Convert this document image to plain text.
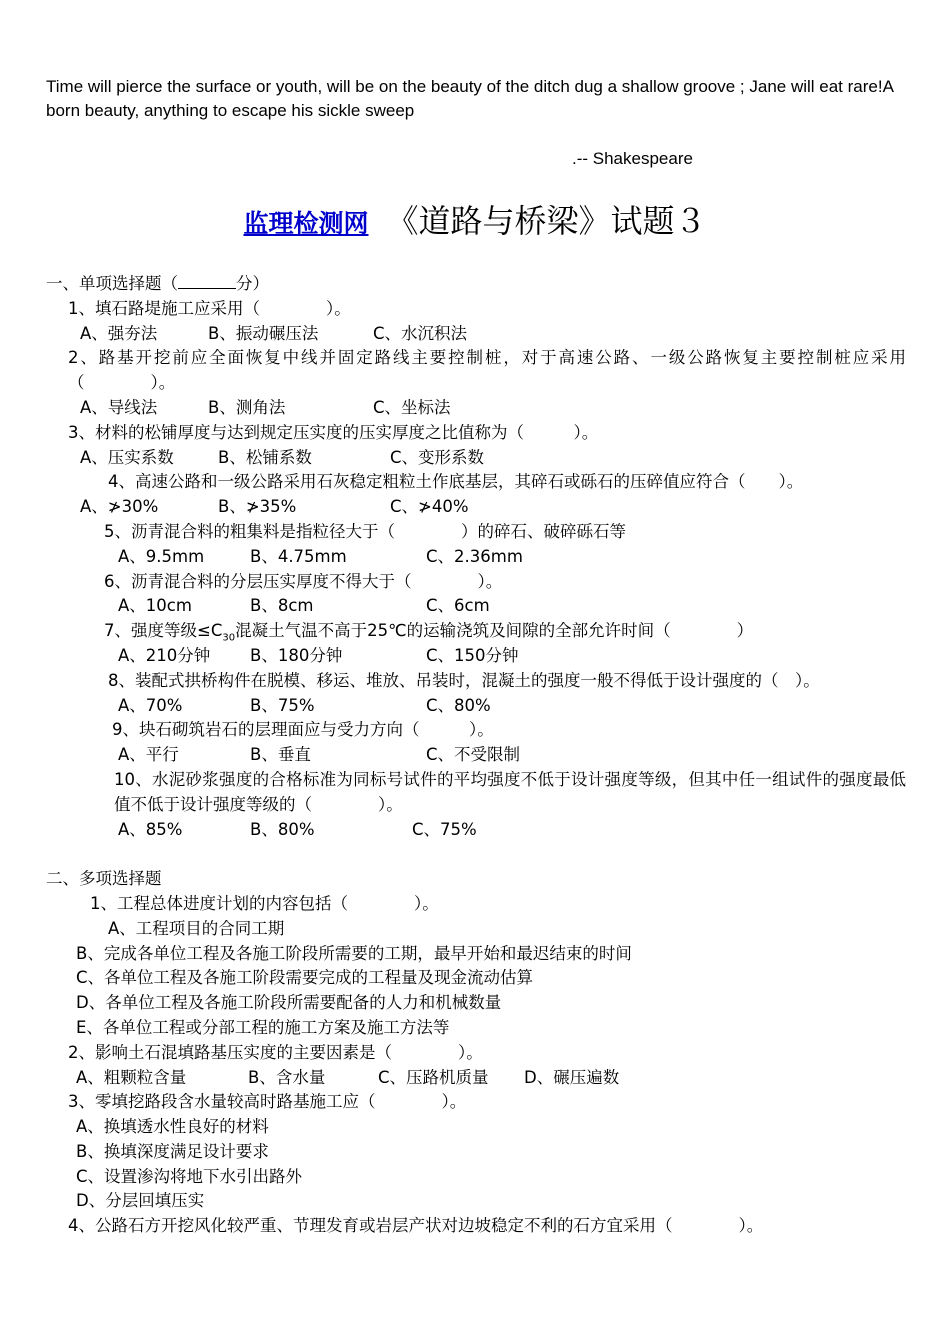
Time will pierce the surface or youth, will be on the beauty of the ditch dug a shallow groove ; Jane will eat rare!A born beauty, anything to escape his sickle sweep
.-- Shakespeare
监理检测网 《道路与桥梁》试题３
一、单项选择题（	分）
1、填石路堤施工应采用（　　　　）。
A、强夯法	B、振动碾压法	C、水沉积法
2、路基开挖前应全面恢复中线并固定路线主要控制桩，对于高速公路、一级公路恢复主要控制桩应采用（　　　　）。
A、导线法	B、测角法	C、坐标法
3、材料的松铺厚度与达到规定压实度的压实厚度之比值称为（　　　）。
A、压实系数	B、松铺系数	C、变形系数
4、高速公路和一级公路采用石灰稳定粗粒土作底基层，其碎石或砾石的压碎值应符合（　　）。
A、≯30%	B、≯35%	C、≯40%
5、沥青混合料的粗集料是指粒径大于（　　　　）的碎石、破碎砾石等
A、9.5mm	B、4.75mm	C、2.36mm
6、沥青混合料的分层压实厚度不得大于（　　　　）。
A、10cm	B、8cm	C、6cm
7、强度等级$\le C_{30}$混凝土气温不高于25℃的运输浇筑及间隙的全部允许时间（　　　　）
A、210分钟 B、180分钟	C、150分钟
8、装配式拱桥构件在脱模、移运、堆放、吊装时，混凝土的强度一般不得低于设计强度的（　）。
A、70%	B、75%	C、80%
9、块石砌筑岩石的层理面应与受力方向（　　　）。
A、平行	B、垂直	C、不受限制
10、水泥砂浆强度的合格标准为同标号试件的平均强度不低于设计强度等级，但其中任一组试件的强度最低值不低于设计强度等级的（　　　　）。
A、85%	B、80%	C、75%
二、多项选择题
1、工程总体进度计划的内容包括（　　　　）。
A、工程项目的合同工期
B、完成各单位工程及各施工阶段所需要的工期，最早开始和最迟结束的时间
C、各单位工程及各施工阶段需要完成的工程量及现金流动估算
D、各单位工程及各施工阶段所需要配备的人力和机械数量
E、各单位工程或分部工程的施工方案及施工方法等
2、影响土石混填路基压实度的主要因素是（　　　　）。
A、粗颗粒含量	B、含水量	C、压路机质量 D、碾压遍数
3、零填挖路段含水量较高时路基施工应（　　　　）。
A、换填透水性良好的材料
B、换填深度满足设计要求
C、设置渗沟将地下水引出路外
D、分层回填压实
4、公路石方开挖风化较严重、节理发育或岩层产状对边坡稳定不利的石方宜采用（　　　　）。
